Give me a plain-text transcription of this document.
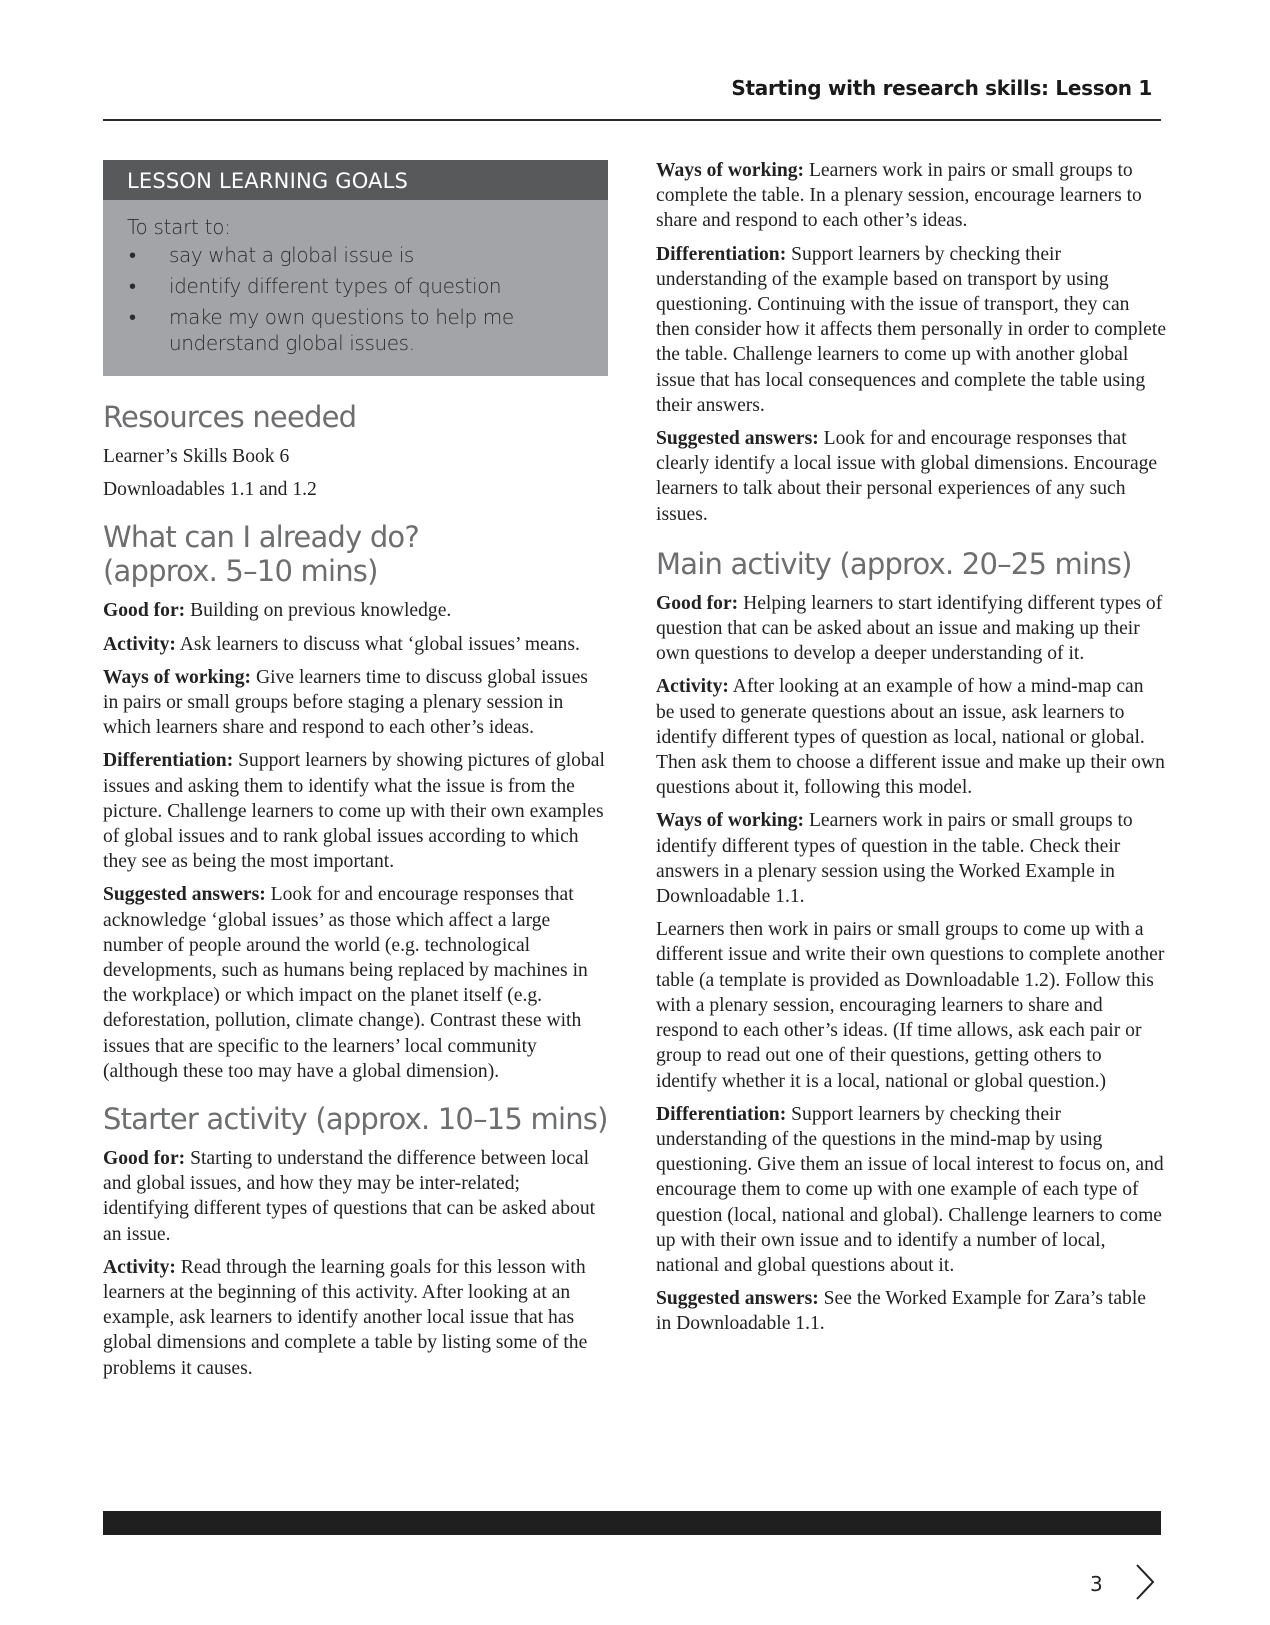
Starting with research skills: Lesson 1
LESSON LEARNING GOALS
To start to:
• say what a global issue is
• identify different types of question
• make my own questions to help me understand global issues.
Resources needed

Learner’s Skills Book 6

Downloadables 1.1 and 1.2

What can I already do?
(approx. 5–10 mins)

Good for: Building on previous knowledge.

Activity: Ask learners to discuss what ‘global issues’ means.

Ways of working: Give learners time to discuss global issues in pairs or small groups before staging a plenary session in which learners share and respond to each other’s ideas.

Differentiation: Support learners by showing pictures of global issues and asking them to identify what the issue is from the picture. Challenge learners to come up with their own examples of global issues and to rank global issues according to which they see as being the most important.

Suggested answers: Look for and encourage responses that acknowledge ‘global issues’ as those which affect a large number of people around the world (e.g. technological developments, such as humans being replaced by machines in the workplace) or which impact on the planet itself (e.g. deforestation, pollution, climate change). Contrast these with issues that are specific to the learners’ local community (although these too may have a global dimension).

Starter activity (approx. 10–15 mins)

Good for: Starting to understand the difference between local and global issues, and how they may be inter-related; identifying different types of questions that can be asked about an issue.

Activity: Read through the learning goals for this lesson with learners at the beginning of this activity. After looking at an example, ask learners to identify another local issue that has global dimensions and complete a table by listing some of the problems it causes.

Ways of working: Learners work in pairs or small groups to complete the table. In a plenary session, encourage learners to share and respond to each other’s ideas.

Differentiation: Support learners by checking their understanding of the example based on transport by using questioning. Continuing with the issue of transport, they can then consider how it affects them personally in order to complete the table. Challenge learners to come up with another global issue that has local consequences and complete the table using their answers.

Suggested answers: Look for and encourage responses that clearly identify a local issue with global dimensions. Encourage learners to talk about their personal experiences of any such issues.

Main activity (approx. 20–25 mins)

Good for: Helping learners to start identifying different types of question that can be asked about an issue and making up their own questions to develop a deeper understanding of it.

Activity: After looking at an example of how a mind-map can be used to generate questions about an issue, ask learners to identify different types of question as local, national or global. Then ask them to choose a different issue and make up their own questions about it, following this model.

Ways of working: Learners work in pairs or small groups to identify different types of question in the table. Check their answers in a plenary session using the Worked Example in Downloadable 1.1.

Learners then work in pairs or small groups to come up with a different issue and write their own questions to complete another table (a template is provided as Downloadable 1.2). Follow this with a plenary session, encouraging learners to share and respond to each other’s ideas. (If time allows, ask each pair or group to read out one of their questions, getting others to identify whether it is a local, national or global question.)

Differentiation: Support learners by checking their understanding of the questions in the mind-map by using questioning. Give them an issue of local interest to focus on, and encourage them to come up with one example of each type of question (local, national and global). Challenge learners to come up with their own issue and to identify a number of local, national and global questions about it.

Suggested answers: See the Worked Example for Zara’s table in Downloadable 1.1.

3
